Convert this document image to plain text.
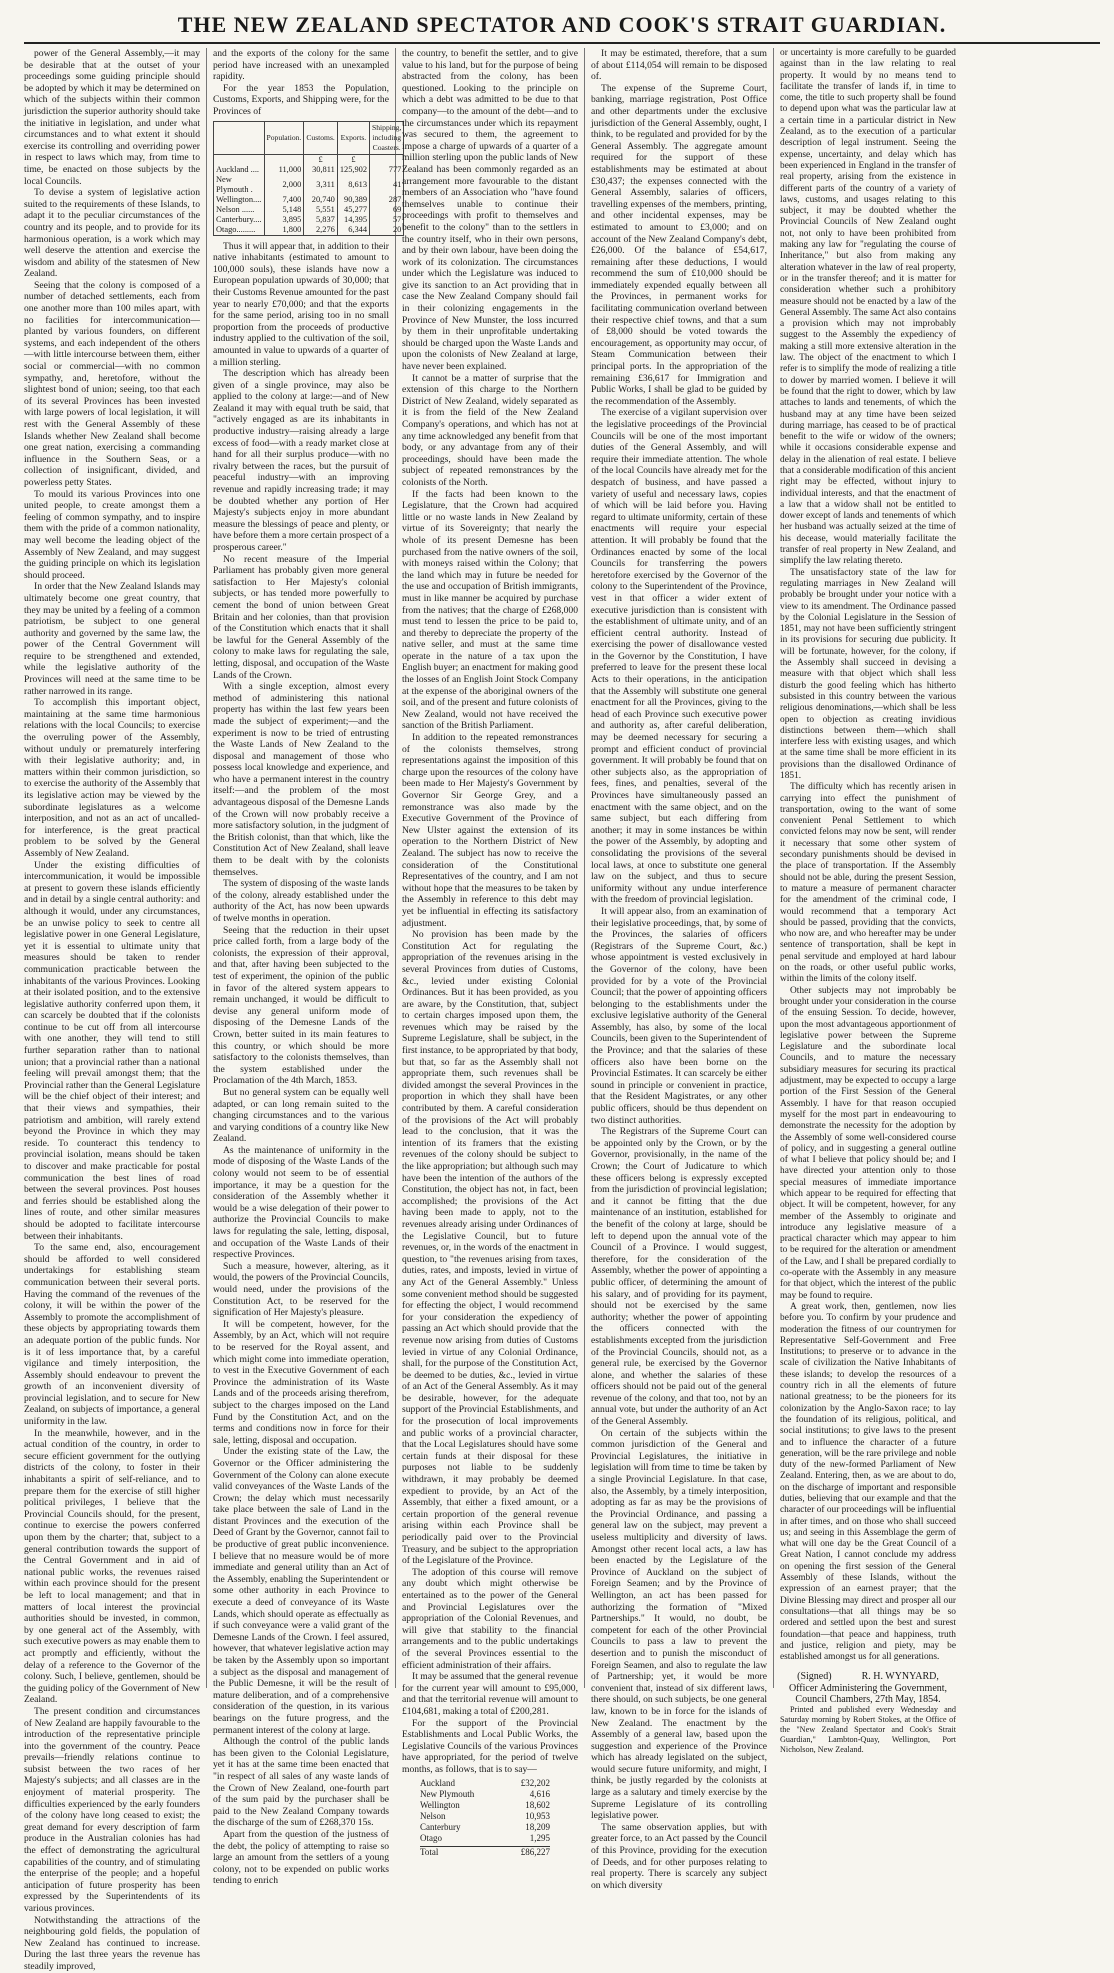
THE NEW ZEALAND SPECTATOR AND COOK'S STRAIT GUARDIAN.

power of the General Assembly,—it may be desirable that at the outset of your proceedings some guiding principle should be adopted by which it may be determined on which of the subjects within their common jurisdiction the superior authority should take the initiative in legislation, and under what circumstances and to what extent it should exercise its controlling and overriding power in respect to laws which may, from time to time, be enacted on those subjects by the local Councils.

To devise a system of legislative action suited to the requirements of these Islands, to adapt it to the peculiar circumstances of the country and its people, and to provide for its harmonious operation, is a work which may well deserve the attention and exercise the wisdom and ability of the statesmen of New Zealand.

Seeing that the colony is composed of a number of detached settlements, each from one another more than 100 miles apart, with no facilities for intercommunication—planted by various founders, on different systems, and each independent of the others—with little intercourse between them, either social or commercial—with no common sympathy, and, heretofore, without the slightest bond of union; seeing, too that each of its several Provinces has been invested with large powers of local legislation, it will rest with the General Assembly of these Islands whether New Zealand shall become one great nation, exercising a commanding influence in the Southern Seas, or a collection of insignificant, divided, and powerless petty States.

To mould its various Provinces into one united people, to create amongst them a feeling of common sympathy, and to inspire them with the pride of a common nationality, may well become the leading object of the Assembly of New Zealand, and may suggest the guiding principle on which its legislation should proceed.

In order that the New Zealand Islands may ultimately become one great country, that they may be united by a feeling of a common patriotism, be subject to one general authority and governed by the same law, the power of the Central Government will require to be strengthened and extended, while the legislative authority of the Provinces will need at the same time to be rather narrowed in its range.

To accomplish this important object, maintaining at the same time harmonious relations with the local Councils; to exercise the overruling power of the Assembly, without unduly or prematurely interfering with their legislative authority; and, in matters within their common jurisdiction, so to exercise the authority of the Assembly that its legislative action may be viewed by the subordinate legislatures as a welcome interposition, and not as an act of uncalled-for interference, is the great practical problem to be solved by the General Assembly of New Zealand.

Under the existing difficulties of intercommunication, it would be impossible at present to govern these islands efficiently and in detail by a single central authority: and although it would, under any circumstances, be an unwise policy to seek to centre all legislative power in one General Legislature, yet it is essential to ultimate unity that measures should be taken to render communication practicable between the inhabitants of the various Provinces. Looking at their isolated position, and to the extensive legislative authority conferred upon them, it can scarcely be doubted that if the colonists continue to be cut off from all intercourse with one another, they will tend to still further separation rather than to national union; that a provincial rather than a national feeling will prevail amongst them; that the Provincial rather than the General Legislature will be the chief object of their interest; and that their views and sympathies, their patriotism and ambition, will rarely extend beyond the Province in which they may reside. To counteract this tendency to provincial isolation, means should be taken to discover and make practicable for postal communication the best lines of road between the several provinces. Post houses and ferries should be established along the lines of route, and other similar measures should be adopted to facilitate intercourse between their inhabitants.

To the same end, also, encouragement should be afforded to well considered undertakings for establishing steam communication between their several ports. Having the command of the revenues of the colony, it will be within the power of the Assembly to promote the accomplishment of these objects by appropriating towards them an adequate portion of the public funds. Nor is it of less importance that, by a careful vigilance and timely interposition, the Assembly should endeavour to prevent the growth of an inconvenient diversity of provincial legislation, and to secure for New Zealand, on subjects of importance, a general uniformity in the law.

In the meanwhile, however, and in the actual condition of the country, in order to secure efficient government for the outlying districts of the colony, to foster in their inhabitants a spirit of self-reliance, and to prepare them for the exercise of still higher political privileges, I believe that the Provincial Councils should, for the present, continue to exercise the powers conferred upon them by the charter; that, subject to a general contribution towards the support of the Central Government and in aid of national public works, the revenues raised within each province should for the present be left to local management; and that in matters of local interest the provincial authorities should be invested, in common, by one general act of the Assembly, with such executive powers as may enable them to act promptly and efficiently, without the delay of a reference to the Governor of the colony. Such, I believe, gentlemen, should be the guiding policy of the Government of New Zealand.

The present condition and circumstances of New Zealand are happily favourable to the introduction of the representative principle into the government of the country. Peace prevails—friendly relations continue to subsist between the two races of her Majesty's subjects; and all classes are in the enjoyment of material prosperity. The difficulties experienced by the early founders of the colony have long ceased to exist; the great demand for every description of farm produce in the Australian colonies has had the effect of demonstrating the agricultural capabilities of the country, and of stimulating the enterprise of the people; and a hopeful anticipation of future prosperity has been expressed by the Superintendents of its various provinces.

Notwithstanding the attractions of the neighbouring gold fields, the population of New Zealand has continued to increase. During the last three years the revenue has steadily improved,

and the exports of the colony for the same period have increased with an unexampled rapidity.

For the year 1853 the Population, Customs, Exports, and Shipping were, for the Provinces of

	Population.	Customs.	Exports.	Shipping, including Coasters.
		£	£	
Auckland ....	11,000	30,811	125,902	777
New Plymouth .	2,000	3,311	8,613	41
Wellington....	7,400	20,740	90,389	287
Nelson ......	5,148	5,551	45,277	69
Canterbury....	3,895	5,837	14,395	57
Otago.........	1,800	2,276	6,344	20

Thus it will appear that, in addition to their native inhabitants (estimated to amount to 100,000 souls), these islands have now a European population upwards of 30,000; that their Customs Revenue amounted for the past year to nearly £70,000; and that the exports for the same period, arising too in no small proportion from the proceeds of productive industry applied to the cultivation of the soil, amounted in value to upwards of a quarter of a million sterling.

The description which has already been given of a single province, may also be applied to the colony at large:—and of New Zealand it may with equal truth be said, that "actively engaged as are its inhabitants in productive industry—raising already a large excess of food—with a ready market close at hand for all their surplus produce—with no rivalry between the races, but the pursuit of peaceful industry—with an improving revenue and rapidly increasing trade; it may be doubted whether any portion of Her Majesty's subjects enjoy in more abundant measure the blessings of peace and plenty, or have before them a more certain prospect of a prosperous career."

No recent measure of the Imperial Parliament has probably given more general satisfaction to Her Majesty's colonial subjects, or has tended more powerfully to cement the bond of union between Great Britain and her colonies, than that provision of the Constitution which enacts that it shall be lawful for the General Assembly of the colony to make laws for regulating the sale, letting, disposal, and occupation of the Waste Lands of the Crown.

With a single exception, almost every method of administering this national property has within the last few years been made the subject of experiment;—and the experiment is now to be tried of entrusting the Waste Lands of New Zealand to the disposal and management of those who possess local knowledge and experience, and who have a permanent interest in the country itself:—and the problem of the most advantageous disposal of the Demesne Lands of the Crown will now probably receive a more satisfactory solution, in the judgment of the British colonist, than that which, like the Constitution Act of New Zealand, shall leave them to be dealt with by the colonists themselves.

The system of disposing of the waste lands of the colony, already established under the authority of the Act, has now been upwards of twelve months in operation.

Seeing that the reduction in their upset price called forth, from a large body of the colonists, the expression of their approval, and that, after having been subjected to the test of experiment, the opinion of the public in favor of the altered system appears to remain unchanged, it would be difficult to devise any general uniform mode of disposing of the Demesne Lands of the Crown, better suited in its main features to this country, or which should be more satisfactory to the colonists themselves, than the system established under the Proclamation of the 4th March, 1853.

But no general system can be equally well adapted, or can long remain suited to the changing circumstances and to the various and varying conditions of a country like New Zealand.

As the maintenance of uniformity in the mode of disposing of the Waste Lands of the colony would not seem to be of essential importance, it may be a question for the consideration of the Assembly whether it would be a wise delegation of their power to authorize the Provincial Councils to make laws for regulating the sale, letting, disposal, and occupation of the Waste Lands of their respective Provinces.

Such a measure, however, altering, as it would, the powers of the Provincial Councils, would need, under the provisions of the Constitution Act, to be reserved for the signification of Her Majesty's pleasure.

It will be competent, however, for the Assembly, by an Act, which will not require to be reserved for the Royal assent, and which might come into immediate operation, to vest in the Executive Government of each Province the administration of its Waste Lands and of the proceeds arising therefrom, subject to the charges imposed on the Land Fund by the Constitution Act, and on the terms and conditions now in force for their sale, letting, disposal and occupation.

Under the existing state of the Law, the Governor or the Officer administering the Government of the Colony can alone execute valid conveyances of the Waste Lands of the Crown; the delay which must necessarily take place between the sale of Land in the distant Provinces and the execution of the Deed of Grant by the Governor, cannot fail to be productive of great public inconvenience. I believe that no measure would be of more immediate and general utility than an Act of the Assembly, enabling the Superintendent or some other authority in each Province to execute a deed of conveyance of its Waste Lands, which should operate as effectually as if such conveyance were a valid grant of the Demesne Lands of the Crown. I feel assured, however, that whatever legislative action may be taken by the Assembly upon so important a subject as the disposal and management of the Public Demesne, it will be the result of mature deliberation, and of a comprehensive consideration of the question, in its various bearings on the future progress, and the permanent interest of the colony at large.

Although the control of the public lands has been given to the Colonial Legislature, yet it has at the same time been enacted that "in respect of all sales of any waste lands of the Crown of New Zealand, one-fourth part of the sum paid by the purchaser shall be paid to the New Zealand Company towards the discharge of the sum of £268,370 15s.

Apart from the question of the justness of the debt, the policy of attempting to raise so large an amount from the settlers of a young colony, not to be expended on public works tending to enrich

the country, to benefit the settler, and to give value to his land, but for the purpose of being abstracted from the colony, has been questioned. Looking to the principle on which a debt was admitted to be due to that company—to the amount of the debt—and to the circumstances under which its repayment was secured to them, the agreement to impose a charge of upwards of a quarter of a million sterling upon the public lands of New Zealand has been commonly regarded as an arrangement more favourable to the distant members of an Association who "have found themselves unable to continue their proceedings with profit to themselves and benefit to the colony" than to the settlers in the country itself, who in their own persons, and by their own labour, have been doing the work of its colonization. The circumstances under which the Legislature was induced to give its sanction to an Act providing that in case the New Zealand Company should fail in their colonizing engagements in the Province of New Munster, the loss incurred by them in their unprofitable undertaking should be charged upon the Waste Lands and upon the colonists of New Zealand at large, have never been explained.

It cannot be a matter of surprise that the extension of this charge to the Northern District of New Zealand, widely separated as it is from the field of the New Zealand Company's operations, and which has not at any time acknowledged any benefit from that body, or any advantage from any of their proceedings, should have been made the subject of repeated remonstrances by the colonists of the North.

If the facts had been known to the Legislature, that the Crown had acquired little or no waste lands in New Zealand by virtue of its Sovereignty; that nearly the whole of its present Demesne has been purchased from the native owners of the soil, with moneys raised within the Colony; that the land which may in future be needed for the use and occupation of British immigrants, must in like manner be acquired by purchase from the natives; that the charge of £268,000 must tend to lessen the price to be paid to, and thereby to depreciate the property of the native seller, and must at the same time operate in the nature of a tax upon the English buyer; an enactment for making good the losses of an English Joint Stock Company at the expense of the aboriginal owners of the soil, and of the present and future colonists of New Zealand, would not have received the sanction of the British Parliament.

In addition to the repeated remonstrances of the colonists themselves, strong representations against the imposition of this charge upon the resources of the colony have been made to Her Majesty's Government by Governor Sir George Grey, and a remonstrance was also made by the Executive Government of the Province of New Ulster against the extension of its operation to the Northern District of New Zealand. The subject has now to receive the consideration of the Constitutional Representatives of the country, and I am not without hope that the measures to be taken by the Assembly in reference to this debt may yet be influential in effecting its satisfactory adjustment.

No provision has been made by the Constitution Act for regulating the appropriation of the revenues arising in the several Provinces from duties of Customs, &c., levied under existing Colonial Ordinances. But it has been provided, as you are aware, by the Constitution, that, subject to certain charges imposed upon them, the revenues which may be raised by the Supreme Legislature, shall be subject, in the first instance, to be appropriated by that body, but that, so far as the Assembly shall not appropriate them, such revenues shall be divided amongst the several Provinces in the proportion in which they shall have been contributed by them. A careful consideration of the provisions of the Act will probably lead to the conclusion, that it was the intention of its framers that the existing revenues of the colony should be subject to the like appropriation; but although such may have been the intention of the authors of the Constitution, the object has not, in fact, been accomplished; the provisions of the Act having been made to apply, not to the revenues already arising under Ordinances of the Legislative Council, but to future revenues, or, in the words of the enactment in question, to "the revenues arising from taxes, duties, rates, and imposts, levied in virtue of any Act of the General Assembly." Unless some convenient method should be suggested for effecting the object, I would recommend for your consideration the expediency of passing an Act which should provide that the revenue now arising from duties of Customs levied in virtue of any Colonial Ordinance, shall, for the purpose of the Constitution Act, be deemed to be duties, &c., levied in virtue of an Act of the General Assembly. As it may be desirable, however, for the adequate support of the Provincial Establishments, and for the prosecution of local improvements and public works of a provincial character, that the Local Legislatures should have some certain funds at their disposal for these purposes not liable to be suddenly withdrawn, it may probably be deemed expedient to provide, by an Act of the Assembly, that either a fixed amount, or a certain proportion of the general revenue arising within each Province shall be periodically paid over to the Provincial Treasury, and be subject to the appropriation of the Legislature of the Province.

The adoption of this course will remove any doubt which might otherwise be entertained as to the power of the General and Provincial Legislatures over the appropriation of the Colonial Revenues, and will give that stability to the financial arrangements and to the public undertakings of the several Provinces essential to the efficient administration of their affairs.

It may be assumed that the general revenue for the current year will amount to £95,000, and that the territorial revenue will amount to £104,681, making a total of £200,281.

For the support of the Provincial Establishments and Local Public Works, the Legislative Councils of the various Provinces have appropriated, for the period of twelve months, as follows, that is to say—

Auckland	£32,202
New Plymouth	4,616
Wellington	18,602
Nelson	10,953
Canterbury	18,209
Otago	1,295
Total	£86,227

It may be estimated, therefore, that a sum of about £114,054 will remain to be disposed of.

The expense of the Supreme Court, banking, marriage registration, Post Office and other departments under the exclusive jurisdiction of the General Assembly, ought, I think, to be regulated and provided for by the General Assembly. The aggregate amount required for the support of these establishments may be estimated at about £30,437; the expenses connected with the General Assembly, salaries of officers, travelling expenses of the members, printing, and other incidental expenses, may be estimated to amount to £3,000; and on account of the New Zealand Company's debt, £26,000. Of the balance of £54,617, remaining after these deductions, I would recommend the sum of £10,000 should be immediately expended equally between all the Provinces, in permanent works for facilitating communication overland between their respective chief towns, and that a sum of £8,000 should be voted towards the encouragement, as opportunity may occur, of Steam Communication between their principal ports. In the appropriation of the remaining £36,617 for Immigration and Public Works, I shall be glad to be guided by the recommendation of the Assembly.

The exercise of a vigilant supervision over the legislative proceedings of the Provincial Councils will be one of the most important duties of the General Assembly, and will require their immediate attention. The whole of the local Councils have already met for the despatch of business, and have passed a variety of useful and necessary laws, copies of which will be laid before you. Having regard to ultimate uniformity, certain of these enactments will require your especial attention. It will probably be found that the Ordinances enacted by some of the local Councils for transferring the powers heretofore exercised by the Governor of the colony to the Superintendent of the Province, vest in that officer a wider extent of executive jurisdiction than is consistent with the establishment of ultimate unity, and of an efficient central authority. Instead of exercising the power of disallowance vested in the Governor by the Constitution, I have preferred to leave for the present these local Acts to their operations, in the anticipation that the Assembly will substitute one general enactment for all the Provinces, giving to the head of each Province such executive power and authority as, after careful deliberation, may be deemed necessary for securing a prompt and efficient conduct of provincial government. It will probably be found that on other subjects also, as the appropriation of fees, fines, and penalties, several of the Provinces have simultaneously passed an enactment with the same object, and on the same subject, but each differing from another; it may in some instances be within the power of the Assembly, by adopting and consolidating the provisions of the several local laws, at once to substitute one general law on the subject, and thus to secure uniformity without any undue interference with the freedom of provincial legislation.

It will appear also, from an examination of their legislative proceedings, that, by some of the Provinces, the salaries of officers (Registrars of the Supreme Court, &c.) whose appointment is vested exclusively in the Governor of the colony, have been provided for by a vote of the Provincial Council; that the power of appointing officers belonging to the establishments under the exclusive legislative authority of the General Assembly, has also, by some of the local Councils, been given to the Superintendent of the Province; and that the salaries of these officers also have been borne on the Provincial Estimates. It can scarcely be either sound in principle or convenient in practice, that the Resident Magistrates, or any other public officers, should be thus dependent on two distinct authorities.

The Registrars of the Supreme Court can be appointed only by the Crown, or by the Governor, provisionally, in the name of the Crown; the Court of Judicature to which these officers belong is expressly excepted from the jurisdiction of provincial legislation; and it cannot be fitting that the due maintenance of an institution, established for the benefit of the colony at large, should be left to depend upon the annual vote of the Council of a Province. I would suggest, therefore, for the consideration of the Assembly, whether the power of appointing a public officer, of determining the amount of his salary, and of providing for its payment, should not be exercised by the same authority; whether the power of appointing the officers connected with the establishments excepted from the jurisdiction of the Provincial Councils, should not, as a general rule, be exercised by the Governor alone, and whether the salaries of these officers should not be paid out of the general revenue of the colony, and that too, not by an annual vote, but under the authority of an Act of the General Assembly.

On certain of the subjects within the common jurisdiction of the General and Provincial Legislatures, the initiative in legislation will from time to time be taken by a single Provincial Legislature. In that case, also, the Assembly, by a timely interposition, adopting as far as may be the provisions of the Provincial Ordinance, and passing a general law on the subject, may prevent a useless multiplicity and diversity of laws. Amongst other recent local acts, a law has been enacted by the Legislature of the Province of Auckland on the subject of Foreign Seamen; and by the Province of Wellington, an act has been passed for authorizing the formation of "Mixed Partnerships." It would, no doubt, be competent for each of the other Provincial Councils to pass a law to prevent the desertion and to punish the misconduct of Foreign Seamen, and also to regulate the law of Partnership; yet, it would be more convenient that, instead of six different laws, there should, on such subjects, be one general law, known to be in force for the islands of New Zealand. The enactment by the Assembly of a general law, based upon the suggestion and experience of the Province which has already legislated on the subject, would secure future uniformity, and might, I think, be justly regarded by the colonists at large as a salutary and timely exercise by the Supreme Legislature of its controlling legislative power.

The same observation applies, but with greater force, to an Act passed by the Council of this Province, providing for the execution of Deeds, and for other purposes relating to real property. There is scarcely any subject on which diversity

or uncertainty is more carefully to be guarded against than in the law relating to real property. It would by no means tend to facilitate the transfer of lands if, in time to come, the title to such property shall be found to depend upon what was the particular law at a certain time in a particular district in New Zealand, as to the execution of a particular description of legal instrument. Seeing the expense, uncertainty, and delay which has been experienced in England in the transfer of real property, arising from the existence in different parts of the country of a variety of laws, customs, and usages relating to this subject, it may be doubted whether the Provincial Councils of New Zealand ought not, not only to have been prohibited from making any law for "regulating the course of Inheritance," but also from making any alteration whatever in the law of real property, or in the transfer thereof; and it is matter for consideration whether such a prohibitory measure should not be enacted by a law of the General Assembly. The same Act also contains a provision which may not improbably suggest to the Assembly the expediency of making a still more extensive alteration in the law. The object of the enactment to which I refer is to simplify the mode of realizing a title to dower by married women. I believe it will be found that the right to dower, which by law attaches to lands and tenements, of which the husband may at any time have been seized during marriage, has ceased to be of practical benefit to the wife or widow of the owners; while it occasions considerable expense and delay in the alienation of real estate. I believe that a considerable modification of this ancient right may be effected, without injury to individual interests, and that the enactment of a law that a widow shall not be entitled to dower except of lands and tenements of which her husband was actually seized at the time of his decease, would materially facilitate the transfer of real property in New Zealand, and simplify the law relating thereto.

The unsatisfactory state of the law for regulating marriages in New Zealand will probably be brought under your notice with a view to its amendment. The Ordinance passed by the Colonial Legislature in the Session of 1851, may not have been sufficiently stringent in its provisions for securing due publicity. It will be fortunate, however, for the colony, if the Assembly shall succeed in devising a measure with that object which shall less disturb the good feeling which has hitherto subsisted in this country between the various religious denominations,—which shall be less open to objection as creating invidious distinctions between them—which shall interfere less with existing usages, and which at the same time shall be more efficient in its provisions than the disallowed Ordinance of 1851.

The difficulty which has recently arisen in carrying into effect the punishment of transportation, owing to the want of some convenient Penal Settlement to which convicted felons may now be sent, will render it necessary that some other system of secondary punishments should be devised in the place of transportation. If the Assembly should not be able, during the present Session, to mature a measure of permanent character for the amendment of the criminal code, I would recommend that a temporary Act should be passed, providing that the convicts, who now are, and who hereafter may be under sentence of transportation, shall be kept in penal servitude and employed at hard labour on the roads, or other useful public works, within the limits of the colony itself.

Other subjects may not improbably be brought under your consideration in the course of the ensuing Session. To decide, however, upon the most advantageous apportionment of legislative power between the Supreme Legislature and the subordinate local Councils, and to mature the necessary subsidiary measures for securing its practical adjustment, may be expected to occupy a large portion of the First Session of the General Assembly. I have for that reason occupied myself for the most part in endeavouring to demonstrate the necessity for the adoption by the Assembly of some well-considered course of policy, and in suggesting a general outline of what I believe that policy should be; and I have directed your attention only to those special measures of immediate importance which appear to be required for effecting that object. It will be competent, however, for any member of the Assembly to originate and introduce any legislative measure of a practical character which may appear to him to be required for the alteration or amendment of the Law, and I shall be prepared cordially to co-operate with the Assembly in any measure for that object, which the interest of the public may be found to require.

A great work, then, gentlemen, now lies before you. To confirm by your prudence and moderation the fitness of our countrymen for Representative Self-Government and Free Institutions; to preserve or to advance in the scale of civilization the Native Inhabitants of these islands; to develop the resources of a country rich in all the elements of future national greatness; to be the pioneers for its colonization by the Anglo-Saxon race; to lay the foundation of its religious, political, and social institutions; to give laws to the present and to influence the character of a future generation, will be the rare privilege and noble duty of the new-formed Parliament of New Zealand. Entering, then, as we are about to do, on the discharge of important and responsible duties, believing that our example and that the character of our proceedings will be influential in after times, and on those who shall succeed us; and seeing in this Assemblage the germ of what will one day be the Great Council of a Great Nation, I cannot conclude my address on opening the first session of the General Assembly of these Islands, without the expression of an earnest prayer; that the Divine Blessing may direct and prosper all our consultations—that all things may be so ordered and settled upon the best and surest foundation—that peace and happiness, truth and justice, religion and piety, may be established amongst us for all generations.

(Signed)	R. H. WYNYARD,
Officer Administering the Government,
Council Chambers, 27th May, 1854.

Printed and published every Wednesday and Saturday morning by Robert Stokes, at the Office of the "New Zealand Spectator and Cook's Strait Guardian," Lambton-Quay, Wellington, Port Nicholson, New Zealand.
